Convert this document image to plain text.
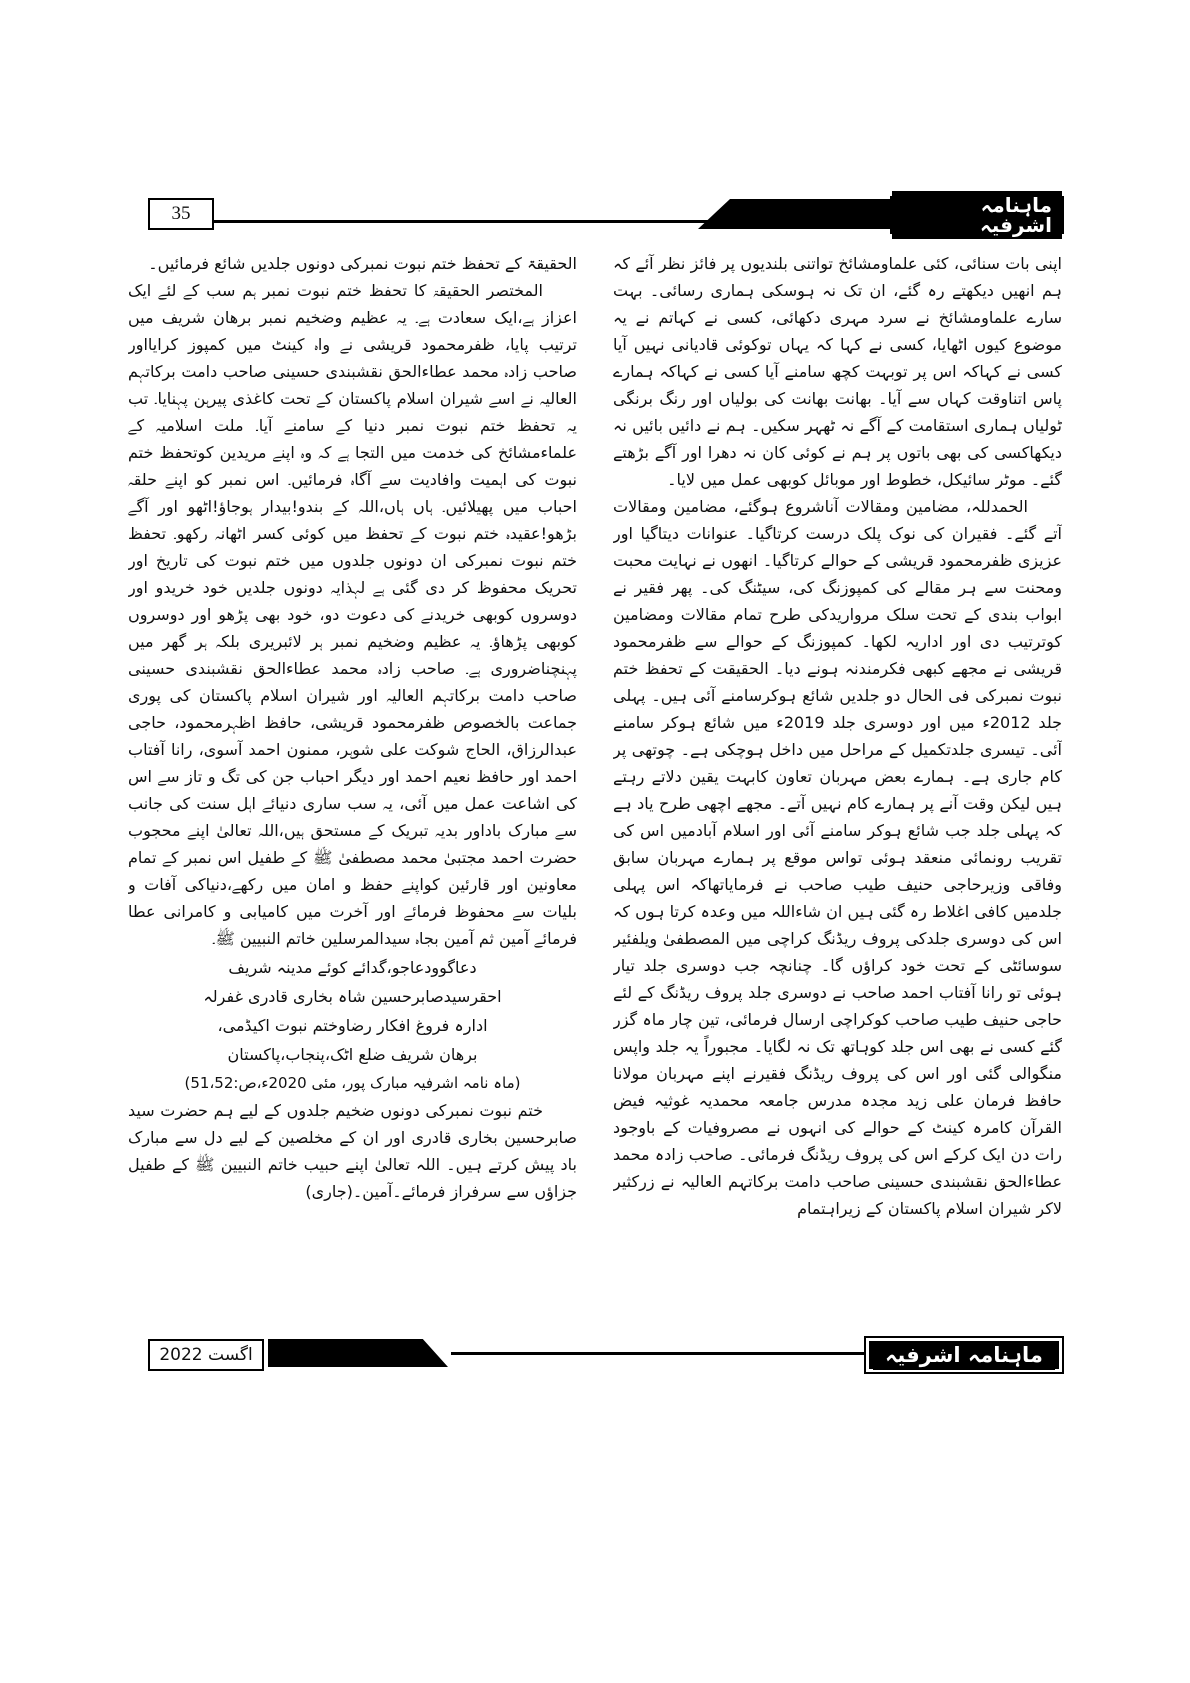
35	ماہنامہ اشرفیہ

اپنی بات سنائی، کئی علماومشائخ تواتنی بلندیوں پر فائز نظر آئے کہ ہم انھیں دیکھتے رہ گئے، ان تک نہ ہوسکی ہماری رسائی۔ بہت سارے علماومشائخ نے سرد مہری دکھائی، کسی نے کہاتم نے یہ موضوع کیوں اٹھایا، کسی نے کہا کہ یہاں توکوئی قادیانی نہیں آیا کسی نے کہاکہ اس پر توبہت کچھ سامنے آیا کسی نے کہاکہ ہمارے پاس اتناوقت کہاں سے آیا۔ بھانت بھانت کی بولیاں اور رنگ برنگی ٹولیاں ہماری استقامت کے آگے نہ ٹھہر سکیں۔ ہم نے دائیں بائیں نہ دیکھاکسی کی بھی باتوں پر ہم نے کوئی کان نہ دھرا اور آگے بڑھتے گئے۔ موٹر سائیکل، خطوط اور موبائل کوبھی عمل میں لایا۔

الحمدللہ، مضامین ومقالات آناشروع ہوگئے، مضامین ومقالات آتے گئے۔ فقیران کی نوک پلک درست کرتاگیا۔ عنوانات دیتاگیا اور عزیزی ظفرمحمود قریشی کے حوالے کرتاگیا۔ انھوں نے نہایت محبت ومحنت سے ہر مقالے کی کمپوزنگ کی، سیٹنگ کی۔ پھر فقیر نے ابواب بندی کے تحت سلک مرواریدکی طرح تمام مقالات ومضامین کوترتیب دی اور اداریہ لکھا۔ کمپوزنگ کے حوالے سے ظفرمحمود قریشی نے مجھے کبھی فکرمندنہ ہونے دیا۔ الحقیقت کے تحفظ ختم نبوت نمبرکی فی الحال دو جلدیں شائع ہوکرسامنے آئی ہیں۔ پہلی جلد 2012ء میں اور دوسری جلد 2019ء میں شائع ہوکر سامنے آئی۔ تیسری جلدتکمیل کے مراحل میں داخل ہوچکی ہے۔ چوتھی پر کام جاری ہے۔ ہمارے بعض مہربان تعاون کابہت یقین دلاتے رہتے ہیں لیکن وقت آنے پر ہمارے کام نہیں آتے۔ مجھے اچھی طرح یاد ہے کہ پہلی جلد جب شائع ہوکر سامنے آئی اور اسلام آبادمیں اس کی تقریب رونمائی منعقد ہوئی تواس موقع پر ہمارے مہربان سابق وفاقی وزیرحاجی حنیف طیب صاحب نے فرمایاتھاکہ اس پہلی جلدمیں کافی اغلاط رہ گئی ہیں ان شاءاللہ میں وعدہ کرتا ہوں کہ اس کی دوسری جلدکی پروف ریڈنگ کراچی میں المصطفیٰ ویلفئیر سوسائٹی کے تحت خود کراؤں گا۔ چنانچہ جب دوسری جلد تیار ہوئی تو رانا آفتاب احمد صاحب نے دوسری جلد پروف ریڈنگ کے لئے حاجی حنیف طیب صاحب کوکراچی ارسال فرمائی، تین چار ماہ گزر گئے کسی نے بھی اس جلد کوہاتھ تک نہ لگایا۔ مجبوراً یہ جلد واپس منگوالی گئی اور اس کی پروف ریڈنگ فقیرنے اپنے مہربان مولانا حافظ فرمان علی زید مجدہ مدرس جامعہ محمدیہ غوثیہ فیض القرآن کامرہ کینٹ کے حوالے کی انہوں نے مصروفیات کے باوجود رات دن ایک کرکے اس کی پروف ریڈنگ فرمائی۔ صاحب زادہ محمد عطاءالحق نقشبندی حسینی صاحب دامت برکاتہم العالیہ نے زرکثیر لاکر شیران اسلام پاکستان کے زیراہتمام

الحقیقۃ کے تحفظ ختم نبوت نمبرکی دونوں جلدیں شائع فرمائیں۔

المختصر الحقیقۃ کا تحفظ ختم نبوت نمبر ہم سب کے لئے ایک اعزاز ہے،ایک سعادت ہے۔ یہ عظیم وضخیم نمبر برھان شریف میں ترتیب پایا، ظفرمحمود قریشی نے واہ کینٹ میں کمپوز کرایااور صاحب زادہ محمد عطاءالحق نقشبندی حسینی صاحب دامت برکاتہم العالیہ نے اسے شیران اسلام پاکستان کے تحت کاغذی پیرہن پہنایا۔ تب یہ تحفظ ختم نبوت نمبر دنیا کے سامنے آیا۔ ملت اسلامیہ کے علماءمشائخ کی خدمت میں التجا ہے کہ وہ اپنے مریدین کوتحفظ ختم نبوت کی اہمیت وافادیت سے آگاہ فرمائیں۔ اس نمبر کو اپنے حلقہ احباب میں پھیلائیں۔ ہاں ہاں،اللہ کے بندو!بیدار ہوجاؤ!اٹھو اور آگے بڑھو!عقیدہ ختم نبوت کے تحفظ میں کوئی کسر اٹھانہ رکھو۔ تحفظ ختم نبوت نمبرکی ان دونوں جلدوں میں ختم نبوت کی تاریخ اور تحریک محفوظ کر دی گئی ہے لہذایہ دونوں جلدیں خود خریدو اور دوسروں کوبھی خریدنے کی دعوت دو، خود بھی پڑھو اور دوسروں کوبھی پڑھاؤ۔ یہ عظیم وضخیم نمبر ہر لائبریری بلکہ ہر گھر میں پہنچناضروری ہے۔ صاحب زادہ محمد عطاءالحق نقشبندی حسینی صاحب دامت برکاتہم العالیہ اور شیران اسلام پاکستان کی پوری جماعت بالخصوص ظفرمحمود قریشی، حافظ اظہرمحمود، حاجی عبدالرزاق، الحاج شوکت علی شوہر، ممنون احمد آسوی، رانا آفتاب احمد اور حافظ نعیم احمد اور دیگر احباب جن کی تگ و تاز سے اس کی اشاعت عمل میں آئی، یہ سب ساری دنیائے اہل سنت کی جانب سے مبارک باداور بدیہ تبریک کے مستحق ہیں،اللہ تعالیٰ اپنے محجوب حضرت احمد مجتبیٰ محمد مصطفیٰ ﷺ کے طفیل اس نمبر کے تمام معاونین اور قارئین کواپنے حفظ و امان میں رکھے،دنیاکی آفات و بلیات سے محفوظ فرمائے اور آخرت میں کامیابی و کامرانی عطا فرمائے آمین ثم آمین بجاہ سیدالمرسلین خاتم النبیین ﷺ۔

دعاگوودعاجو،گدائے کوئے مدینہ شریف

احقرسیدصابرحسین شاہ بخاری قادری غفرلہ

ادارہ فروغ افکار رضاوختم نبوت اکیڈمی،

برھان شریف ضلع اٹک،پنجاب،پاکستان

(ماہ نامہ اشرفیہ مبارک پور، مئی 2020ء،ص:51،52)

ختم نبوت نمبرکی دونوں ضخیم جلدوں کے لیے ہم حضرت سید صابرحسین بخاری قادری اور ان کے مخلصین کے لیے دل سے مبارک باد پیش کرتے ہیں۔ اللہ تعالیٰ اپنے حبیب خاتم النبیین ﷺ کے طفیل جزاؤں سے سرفراز فرمائے۔آمین۔(جاری)

اگست 2022	ماہنامہ اشرفیہ
